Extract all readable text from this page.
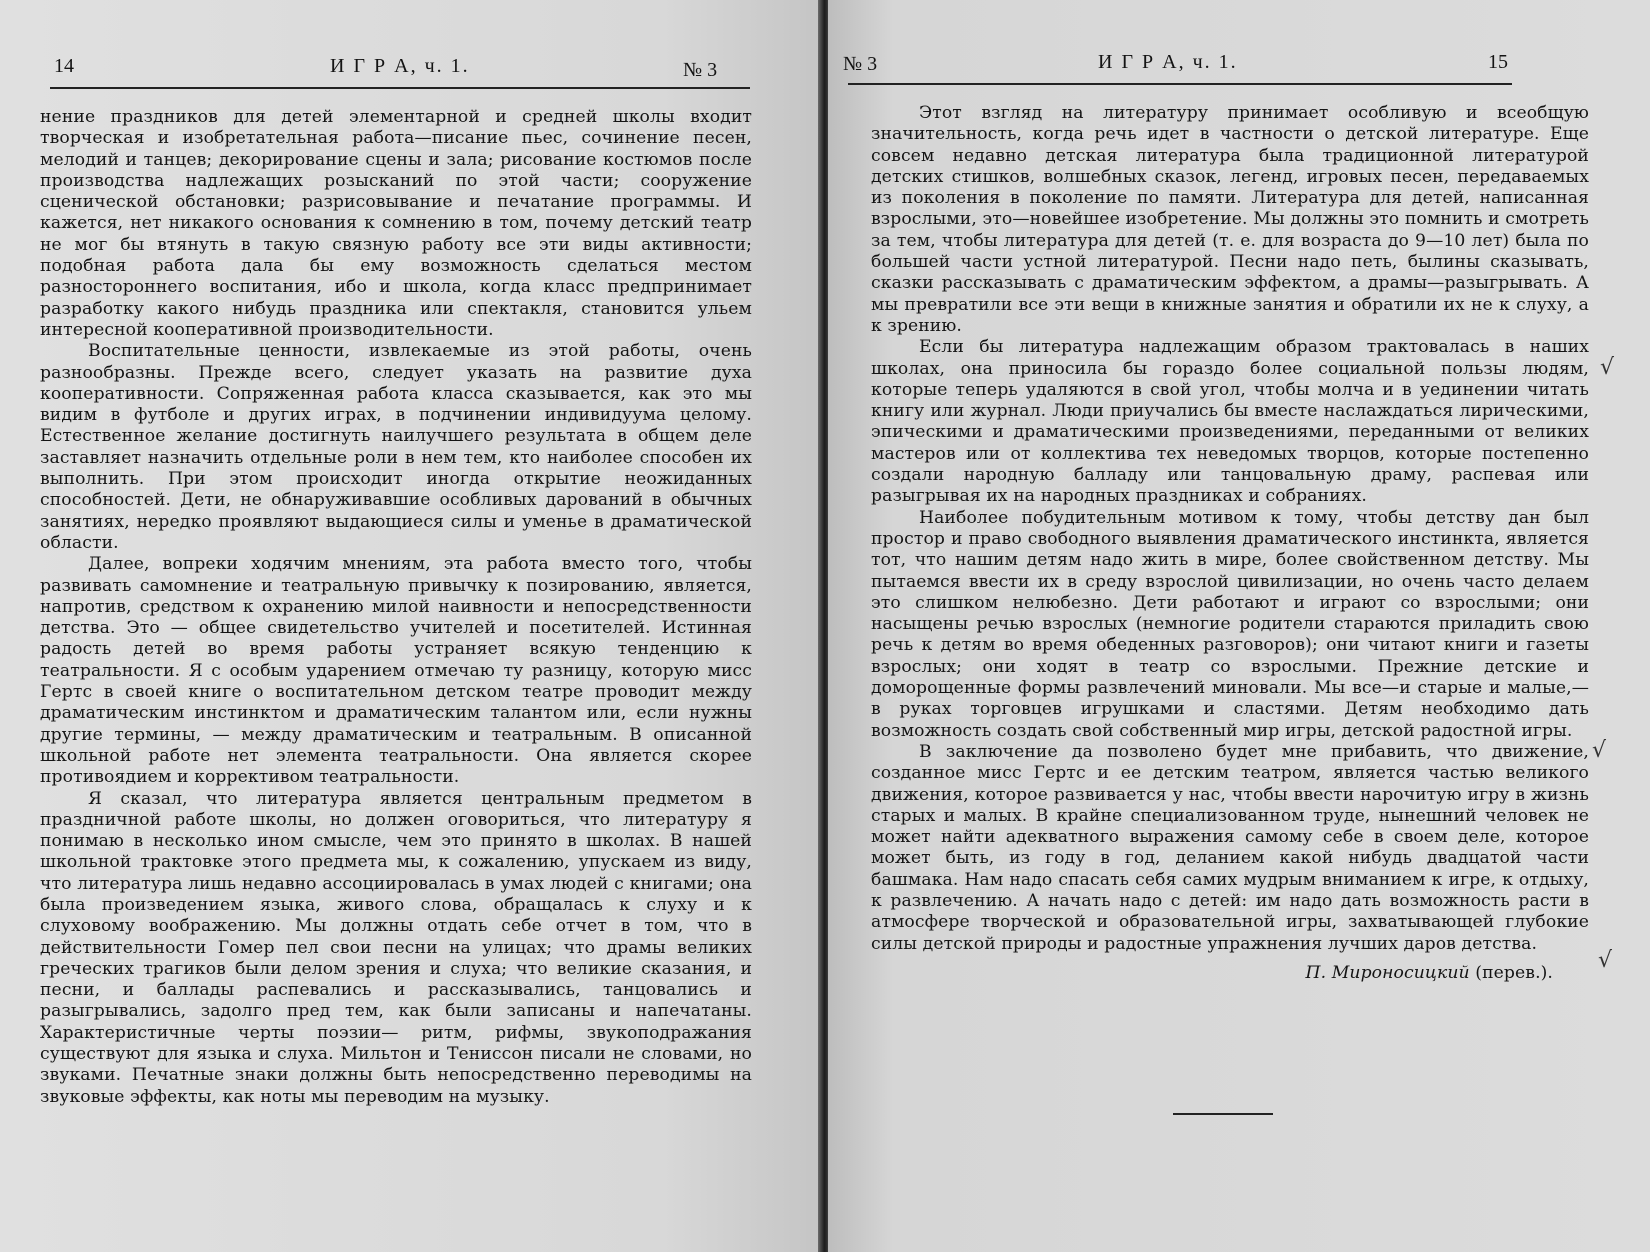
14	И Г Р А, ч. 1.	№ 3

нение праздников для детей элементарной и средней школы входит творческая и изобретательная работа—писание пьес, сочинение песен, мелодий и танцев; декорирование сцены и зала; рисование костюмов после производства надлежащих розысканий по этой части; сооружение сценической обстановки; разрисовывание и печатание программы. И кажется, нет никакого основания к сомнению в том, почему детский театр не мог бы втянуть в такую связную работу все эти виды активности; подобная работа дала бы ему возможность сделаться местом разностороннего воспитания, ибо и школа, когда класс предпринимает разработку какого нибудь праздника или спектакля, становится ульем интересной кооперативной производительности.

Воспитательные ценности, извлекаемые из этой работы, очень разнообразны. Прежде всего, следует указать на развитие духа кооперативности. Сопряженная работа класса сказывается, как это мы видим в футболе и других играх, в подчинении индивидуума целому. Естественное желание достигнуть наилучшего результата в общем деле заставляет назначить отдельные роли в нем тем, кто наиболее способен их выполнить. При этом происходит иногда открытие неожиданных способностей. Дети, не обнаруживавшие особливых дарований в обычных занятиях, нередко проявляют выдающиеся силы и уменье в драматической области.

Далее, вопреки ходячим мнениям, эта работа вместо того, чтобы развивать самомнение и театральную привычку к позированию, является, напротив, средством к охранению милой наивности и непосредственности детства. Это — общее свидетельство учителей и посетителей. Истинная радость детей во время работы устраняет всякую тенденцию к театральности. Я с особым ударением отмечаю ту разницу, которую мисс Гертс в своей книге о воспитательном детском театре проводит между драматическим инстинктом и драматическим талантом или, если нужны другие термины, — между драматическим и театральным. В описанной школьной работе нет элемента театральности. Она является скорее противоядием и коррективом театральности.

Я сказал, что литература является центральным предметом в праздничной работе школы, но должен оговориться, что литературу я понимаю в несколько ином смысле, чем это принято в школах. В нашей школьной трактовке этого предмета мы, к сожалению, упускаем из виду, что литература лишь недавно ассоциировалась в умах людей с книгами; она была произведением языка, живого слова, обращалась к слуху и к слуховому воображению. Мы должны отдать себе отчет в том, что в действительности Гомер пел свои песни на улицах; что драмы великих греческих трагиков были делом зрения и слуха; что великие сказания, и песни, и баллады распевались и рассказывались, танцовались и разыгрывались, задолго пред тем, как были записаны и напечатаны. Характеристичные черты поэзии— ритм, рифмы, звукоподражания существуют для языка и слуха. Мильтон и Тениссон писали не словами, но звуками. Печатные знаки должны быть непосредственно переводимы на звуковые эффекты, как ноты мы переводим на музыку.

№ 3	И Г Р А, ч. 1.	15

Этот взгляд на литературу принимает особливую и всеобщую значительность, когда речь идет в частности о детской литературе. Еще совсем недавно детская литература была традиционной литературой детских стишков, волшебных сказок, легенд, игровых песен, передаваемых из поколения в поколение по памяти. Литература для детей, написанная взрослыми, это—новейшее изобретение. Мы должны это помнить и смотреть за тем, чтобы литература для детей (т. е. для возраста до 9—10 лет) была по большей части устной литературой. Песни надо петь, былины сказывать, сказки рассказывать с драматическим эффектом, а драмы—разыгрывать. А мы превратили все эти вещи в книжные занятия и обратили их не к слуху, а к зрению.

Если бы литература надлежащим образом трактовалась в наших школах, она приносила бы гораздо более социальной пользы людям, которые теперь удаляются в свой угол, чтобы молча и в уединении читать книгу или журнал. Люди приучались бы вместе наслаждаться лирическими, эпическими и драматическими произведениями, переданными от великих мастеров или от коллектива тех неведомых творцов, которые постепенно создали народную балладу или танцовальную драму, распевая или разыгрывая их на народных праздниках и собраниях.

Наиболее побудительным мотивом к тому, чтобы детству дан был простор и право свободного выявления драматического инстинкта, является тот, что нашим детям надо жить в мире, более свойственном детству. Мы пытаемся ввести их в среду взрослой цивилизации, но очень часто делаем это слишком нелюбезно. Дети работают и играют со взрослыми; они насыщены речью взрослых (немногие родители стараются приладить свою речь к детям во время обеденных разговоров); они читают книги и газеты взрослых; они ходят в театр со взрослыми. Прежние детские и доморощенные формы развлечений миновали. Мы все—и старые и малые,— в руках торговцев игрушками и сластями. Детям необходимо дать возможность создать свой собственный мир игры, детской радостной игры.

В заключение да позволено будет мне прибавить, что движение, созданное мисс Гертс и ее детским театром, является частью великого движения, которое развивается у нас, чтобы ввести нарочитую игру в жизнь старых и малых. В крайне специализованном труде, нынешний человек не может найти адекватного выражения самому себе в своем деле, которое может быть, из году в год, деланием какой нибудь двадцатой части башмака. Нам надо спасать себя самих мудрым вниманием к игре, к отдыху, к развлечению. А начать надо с детей: им надо дать возможность расти в атмосфере творческой и образовательной игры, захватывающей глубокие силы детской природы и радостные упражнения лучших даров детства.

П. Мироносицкий (перев.).

√
√
√
